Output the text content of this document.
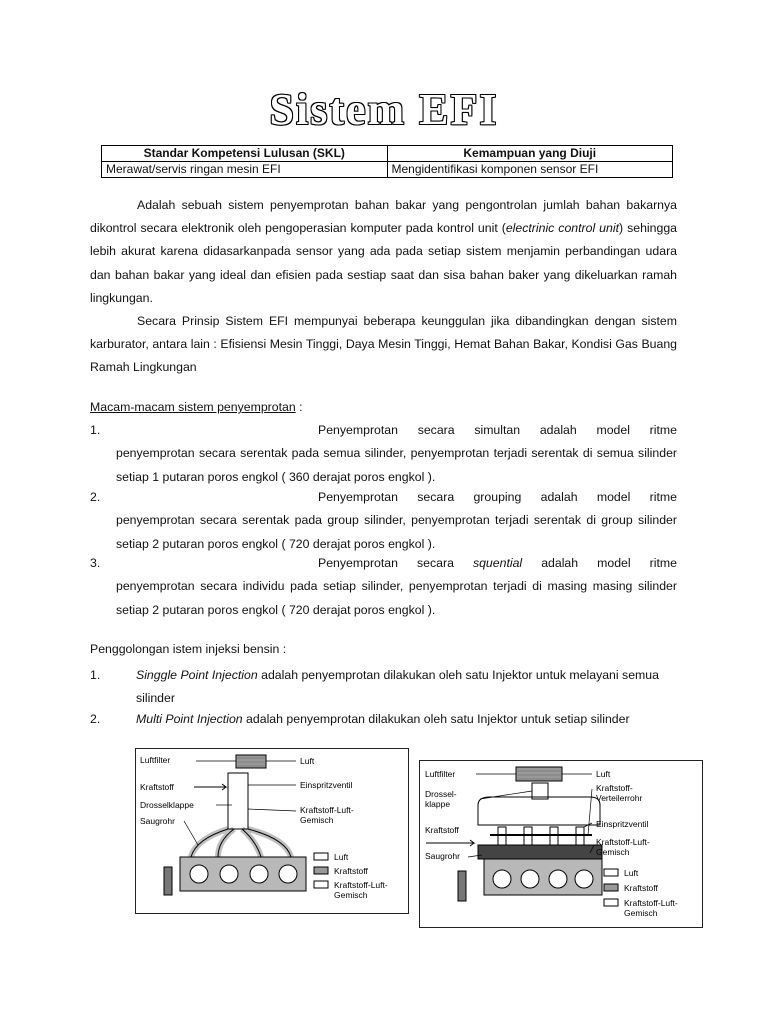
Sistem EFI
Standar Kompetensi Lulusan (SKL)	Kemampuan yang Diuji
Merawat/servis ringan mesin EFI	Mengidentifikasi komponen sensor EFI

Adalah sebuah sistem penyemprotan bahan bakar yang pengontrolan jumlah bahan bakarnya dikontrol secara elektronik oleh pengoperasian komputer pada kontrol unit (electrinic control unit) sehingga lebih akurat karena didasarkanpada sensor yang ada pada setiap sistem menjamin perbandingan udara dan bahan bakar yang ideal dan efisien pada sestiap saat dan sisa bahan baker yang dikeluarkan ramah lingkungan.

Secara Prinsip Sistem EFI mempunyai beberapa keunggulan jika dibandingkan dengan sistem karburator, antara lain : Efisiensi Mesin Tinggi, Daya Mesin Tinggi, Hemat Bahan Bakar, Kondisi Gas Buang Ramah Lingkungan

Macam-macam sistem penyemprotan :
1.	Penyemprotan secara simultan adalah model ritme
penyemprotan secara serentak pada semua silinder, penyemprotan terjadi serentak di semua silinder setiap 1 putaran poros engkol ( 360 derajat poros engkol ).
2.	Penyemprotan secara grouping adalah model ritme
penyemprotan secara serentak pada group silinder, penyemprotan terjadi serentak di group silinder setiap 2 putaran poros engkol ( 720 derajat poros engkol ).
3.	Penyemprotan secara squential adalah model ritme
penyemprotan secara individu pada setiap silinder, penyemprotan terjadi di masing masing silinder setiap 2 putaran poros engkol ( 720 derajat poros engkol ).
Penggolongan istem injeksi bensin :
1.	Singgle Point Injection adalah penyemprotan dilakukan oleh satu Injektor untuk melayani semua silinder
2.	Multi Point Injection adalah penyemprotan dilakukan oleh satu Injektor untuk setiap silinder
Luftfilter
Kraftstoff
Drosselklappe
Saugrohr
Luft
Einspritzventil
Kraftstoff-Luft-
Gemisch
Luft
Kraftstoff
Kraftstoff-Luft-
Gemisch
Luftfilter
Drossel-
klappe
Kraftstoff
Saugrohr
Luft
Kraftstoff-
Verteilerrohr
Einspritzventil
Kraftstoff-Luft-
Gemisch
Luft
Kraftstoff
Kraftstoff-Luft-
Gemisch
